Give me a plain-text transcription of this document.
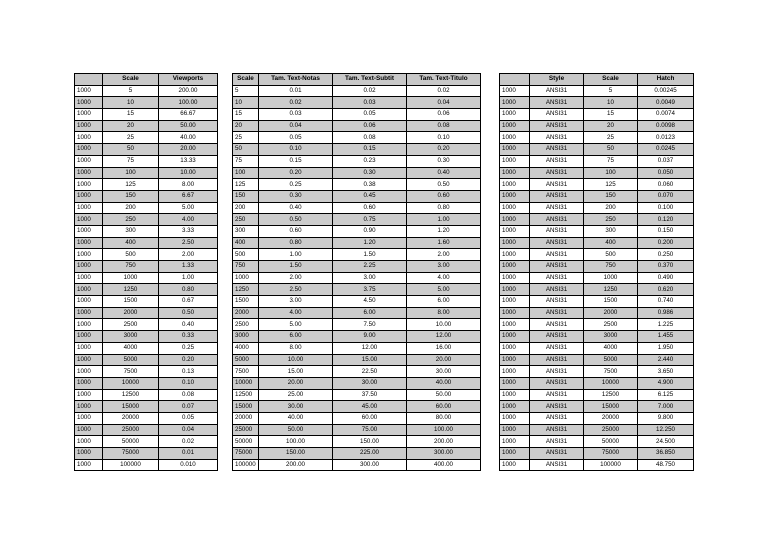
	Scale	Viewports
1000	5	200.00
1000	10	100.00
1000	15	66.67
1000	20	50.00
1000	25	40.00
1000	50	20.00
1000	75	13.33
1000	100	10.00
1000	125	8.00
1000	150	6.67
1000	200	5.00
1000	250	4.00
1000	300	3.33
1000	400	2.50
1000	500	2.00
1000	750	1.33
1000	1000	1.00
1000	1250	0.80
1000	1500	0.67
1000	2000	0.50
1000	2500	0.40
1000	3000	0.33
1000	4000	0.25
1000	5000	0.20
1000	7500	0.13
1000	10000	0.10
1000	12500	0.08
1000	15000	0.07
1000	20000	0.05
1000	25000	0.04
1000	50000	0.02
1000	75000	0.01
1000	100000	0.010
Scale	Tam. Text-Notas	Tam. Text-Subtit	Tam. Text-Titulo
5	0.01	0.02	0.02
10	0.02	0.03	0.04
15	0.03	0.05	0.06
20	0.04	0.06	0.08
25	0.05	0.08	0.10
50	0.10	0.15	0.20
75	0.15	0.23	0.30
100	0.20	0.30	0.40
125	0.25	0.38	0.50
150	0.30	0.45	0.60
200	0.40	0.60	0.80
250	0.50	0.75	1.00
300	0.60	0.90	1.20
400	0.80	1.20	1.60
500	1.00	1.50	2.00
750	1.50	2.25	3.00
1000	2.00	3.00	4.00
1250	2.50	3.75	5.00
1500	3.00	4.50	6.00
2000	4.00	6.00	8.00
2500	5.00	7.50	10.00
3000	6.00	9.00	12.00
4000	8.00	12.00	16.00
5000	10.00	15.00	20.00
7500	15.00	22.50	30.00
10000	20.00	30.00	40.00
12500	25.00	37.50	50.00
15000	30.00	45.00	60.00
20000	40.00	60.00	80.00
25000	50.00	75.00	100.00
50000	100.00	150.00	200.00
75000	150.00	225.00	300.00
100000	200.00	300.00	400.00
	Style	Scale	Hatch
1000	ANSI31	5	0.00245
1000	ANSI31	10	0.0049
1000	ANSI31	15	0.0074
1000	ANSI31	20	0.0098
1000	ANSI31	25	0.0123
1000	ANSI31	50	0.0245
1000	ANSI31	75	0.037
1000	ANSI31	100	0.050
1000	ANSI31	125	0.060
1000	ANSI31	150	0.070
1000	ANSI31	200	0.100
1000	ANSI31	250	0.120
1000	ANSI31	300	0.150
1000	ANSI31	400	0.200
1000	ANSI31	500	0.250
1000	ANSI31	750	0.370
1000	ANSI31	1000	0.490
1000	ANSI31	1250	0.620
1000	ANSI31	1500	0.740
1000	ANSI31	2000	0.986
1000	ANSI31	2500	1.225
1000	ANSI31	3000	1.455
1000	ANSI31	4000	1.950
1000	ANSI31	5000	2.440
1000	ANSI31	7500	3.650
1000	ANSI31	10000	4.900
1000	ANSI31	12500	6.125
1000	ANSI31	15000	7.000
1000	ANSI31	20000	9.800
1000	ANSI31	25000	12.250
1000	ANSI31	50000	24.500
1000	ANSI31	75000	36.850
1000	ANSI31	100000	48.750
